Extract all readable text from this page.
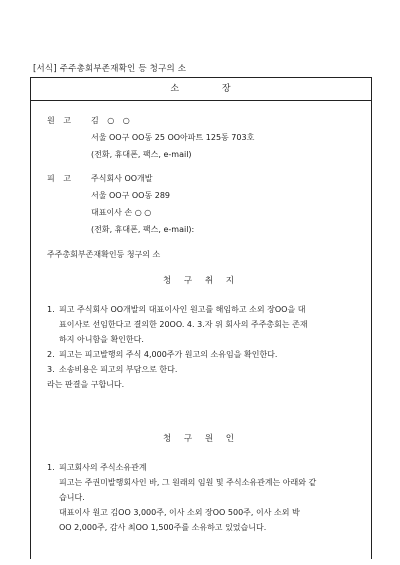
[서식] 주주총회부존재확인 등 청구의 소
소	장
원 고 김 ○ ○
서울 OO구 OO동 25 OO아파트 125동 703호
(전화, 휴대폰, 팩스, e-mail)
피 고 주식회사 OO개발
서울 OO구 OO동 289
대표이사 손 ○ ○
(전화, 휴대폰, 팩스, e-mail):
주주총회부존재확인등 청구의 소
청 구 취 지
1. 피고 주식회사 OO개발의 대표이사인 원고를 해임하고 소외 장OO을 대
표이사로 선임한다고 결의한 20OO. 4. 3.자 위 회사의 주주총회는 존재
하지 아니함을 확인한다.
2. 피고는 피고발행의 주식 4,000주가 원고의 소유임을 확인한다.
3. 소송비용은 피고의 부담으로 한다.
라는 판결을 구합니다.
청 구 원 인
1. 피고회사의 주식소유관계
피고는 주권미발행회사인 바, 그 원래의 임원 및 주식소유관계는 아래와 같
습니다.
대표이사 원고 김OO 3,000주, 이사 소외 장OO 500주, 이사 소외 박
OO 2,000주, 감사 최OO 1,500주를 소유하고 있었습니다.
